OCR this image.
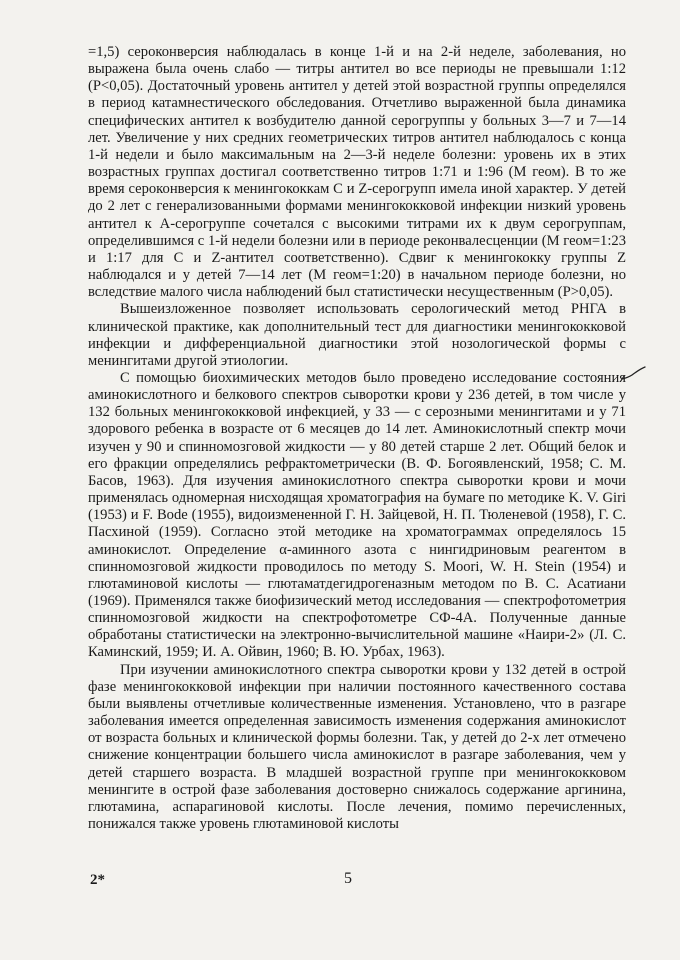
=1,5) сероконверсия наблюдалась в конце 1-й и на 2-й неделе, заболевания, но выражена была очень слабо — титры антител во все периоды не превышали 1:12 (P<0,05). Достаточный уровень антител у детей этой возрастной группы определялся в период катамнестического обследования. Отчетливо выраженной была динамика специфических антител к возбудителю данной серогруппы у больных 3—7 и 7—14 лет. Увеличение у них средних геометрических титров антител наблюдалось с конца 1-й недели и было максимальным на 2—3-й неделе болезни: уровень их в этих возрастных группах достигал соответственно титров 1:71 и 1:96 (М геом). В то же время сероконверсия к менингококкам С и Z-серогрупп имела иной характер. У детей до 2 лет с генерализованными формами менингококковой инфекции низкий уровень антител к А-серогруппе сочетался с высокими титрами их к двум серогруппам, определившимся с 1-й недели болезни или в периоде реконвалесценции (М геом=1:23 и 1:17 для С и Z-антител соответственно). Сдвиг к менингококку группы Z наблюдался и у детей 7—14 лет (М геом=1:20) в начальном периоде болезни, но вследствие малого числа наблюдений был статистически несущественным (P>0,05).

Вышеизложенное позволяет использовать серологический метод РНГА в клинической практике, как дополнительный тест для диагностики менингококковой инфекции и дифференциальной диагностики этой нозологической формы с менингитами другой этиологии.

С помощью биохимических методов было проведено исследование состояния аминокислотного и белкового спектров сыворотки крови у 236 детей, в том числе у 132 больных менингококковой инфекцией, у 33 — с серозными менингитами и у 71 здорового ребенка в возрасте от 6 месяцев до 14 лет. Аминокислотный спектр мочи изучен у 90 и спинномозговой жидкости — у 80 детей старше 2 лет. Общий белок и его фракции определялись рефрактометрически (В. Ф. Богоявленский, 1958; С. М. Басов, 1963). Для изучения аминокислотного спектра сыворотки крови и мочи применялась одномерная нисходящая хроматография на бумаге по методике K. V. Giri (1953) и F. Bode (1955), видоизмененной Г. Н. Зайцевой, Н. П. Тюленевой (1958), Г. С. Пасхиной (1959). Согласно этой методике на хроматограммах определялось 15 аминокислот. Определение α-аминного азота с нингидриновым реагентом в спинномозговой жидкости проводилось по методу S. Moori, W. H. Stein (1954) и глютаминовой кислоты — глютаматдегидрогеназным методом по В. С. Асатиани (1969). Применялся также биофизический метод исследования — спектрофотометрия спинномозговой жидкости на спектрофотометре СФ-4А. Полученные данные обработаны статистически на электронно-вычислительной машине «Наири-2» (Л. С. Каминский, 1959; И. А. Ойвин, 1960; В. Ю. Урбах, 1963).

При изучении аминокислотного спектра сыворотки крови у 132 детей в острой фазе менингококковой инфекции при наличии постоянного качественного состава были выявлены отчетливые количественные изменения. Установлено, что в разгаре заболевания имеется определенная зависимость изменения содержания аминокислот от возраста больных и клинической формы болезни. Так, у детей до 2-х лет отмечено снижение концентрации большего числа аминокислот в разгаре заболевания, чем у детей старшего возраста. В младшей возрастной группе при менингококковом менингите в острой фазе заболевания достоверно снижалось содержание аргинина, глютамина, аспарагиновой кислоты. После лечения, помимо перечисленных, понижался также уровень глютаминовой кислоты

2*	5
